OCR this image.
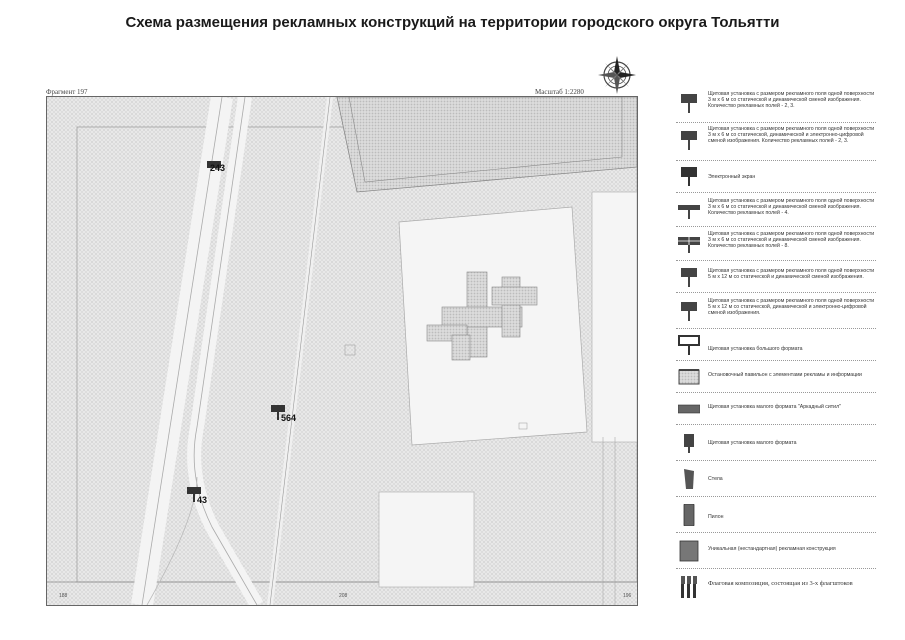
Схема размещения рекламных конструкций на территории городского округа Тольятти
Фрагмент 197	Масштаб 1:2280
243
564
43
188	208	196
Щитовая установка с размером рекламного поля одной поверхности 3 м х 6 м со статической и динамической сменой изображения. Количество рекламных полей - 2, 3.
Щитовая установка с размером рекламного поля одной поверхности 3 м х 6 м со статической, динамической и электронно-цифровой сменой изображения. Количество рекламных полей - 2, 3.
Электронный экран
Щитовая установка с размером рекламного поля одной поверхности 3 м х 6 м со статической и динамической сменой изображения. Количество рекламных полей - 4.
Щитовая установка с размером рекламного поля одной поверхности 3 м х 6 м со статической и динамической сменой изображения. Количество рекламных полей - 8.
Щитовая установка с размером рекламного поля одной поверхности 5 м х 12 м со статической и динамической сменой изображения.
Щитовая установка с размером рекламного поля одной поверхности 5 м х 12 м со статической, динамической и электронно-цифровой сменой изображения.
Щитовая установка большого формата
Остановочный павильон с элементами рекламы и информации
Щитовая установка малого формата "Аркадный ситил"
Щитовая установка малого формата
Стела
Пилон
Уникальная (нестандартная) рекламная конструкция
Флаговая композиция, состоящая из 3-х флагштоков
